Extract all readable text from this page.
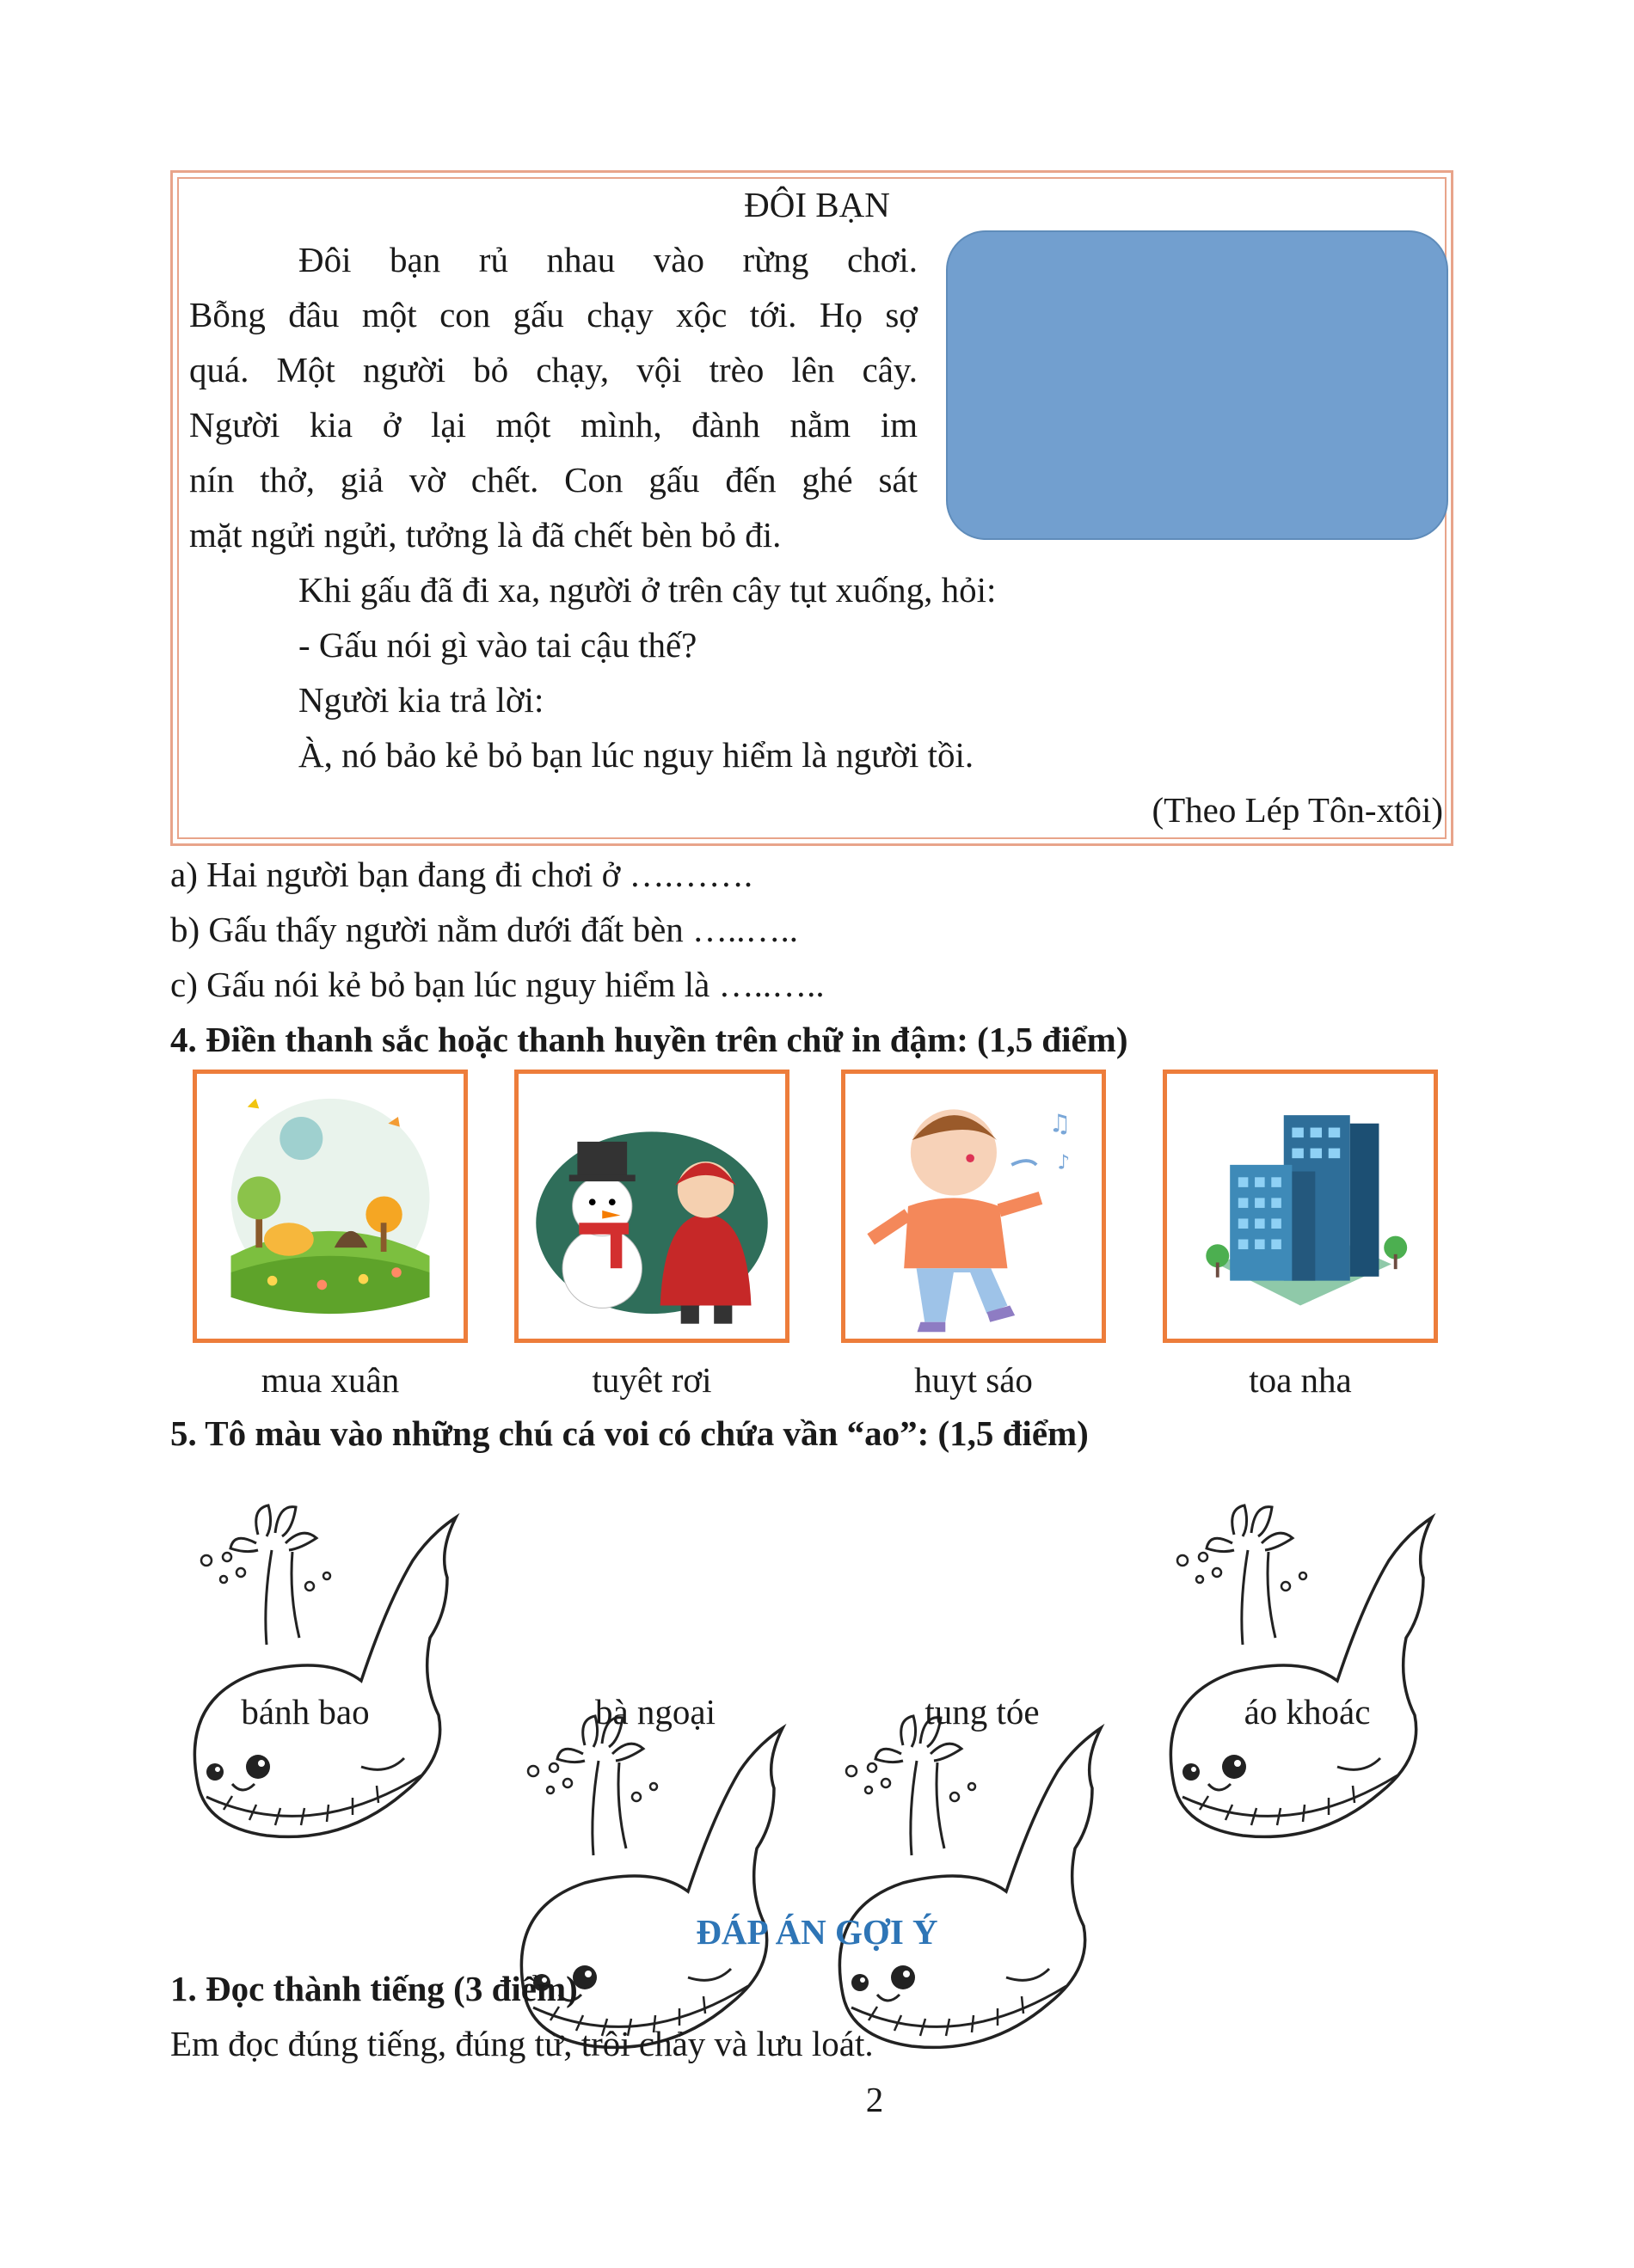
ĐÔI BẠN
Đôi bạn rủ nhau vào rừng chơi.
Bỗng đâu một con gấu chạy xộc tới. Họ sợ
quá. Một người bỏ chạy, vội trèo lên cây.
Người kia ở lại một mình, đành nằm im
nín thở, giả vờ chết. Con gấu đến ghé sát
mặt ngửi ngửi, tưởng là đã chết bèn bỏ đi.
Khi gấu đã đi xa, người ở trên cây tụt xuống, hỏi:
- Gấu nói gì vào tai cậu thế?
Người kia trả lời:
À, nó bảo kẻ bỏ bạn lúc nguy hiểm là người tồi.
(Theo Lép Tôn-xtôi)
a) Hai người bạn đang đi chơi ở ….…….
b) Gấu thấy người nằm dưới đất bèn …..…..
c) Gấu nói kẻ bỏ bạn lúc nguy hiểm là …..…..
4. Điền thanh sắc hoặc thanh huyền trên chữ in đậm: (1,5 điểm)
♫
♪
mua xuân	tuyêt rơi	huyt sáo	toa nha
5. Tô màu vào những chú cá voi có chứa vần “ao”: (1,5 điểm)
bánh bao	bà ngoại	tung tóe	áo khoác
ĐÁP ÁN GỢI Ý
1. Đọc thành tiếng (3 điểm)
Em đọc đúng tiếng, đúng từ, trôi chảy và lưu loát.
2
